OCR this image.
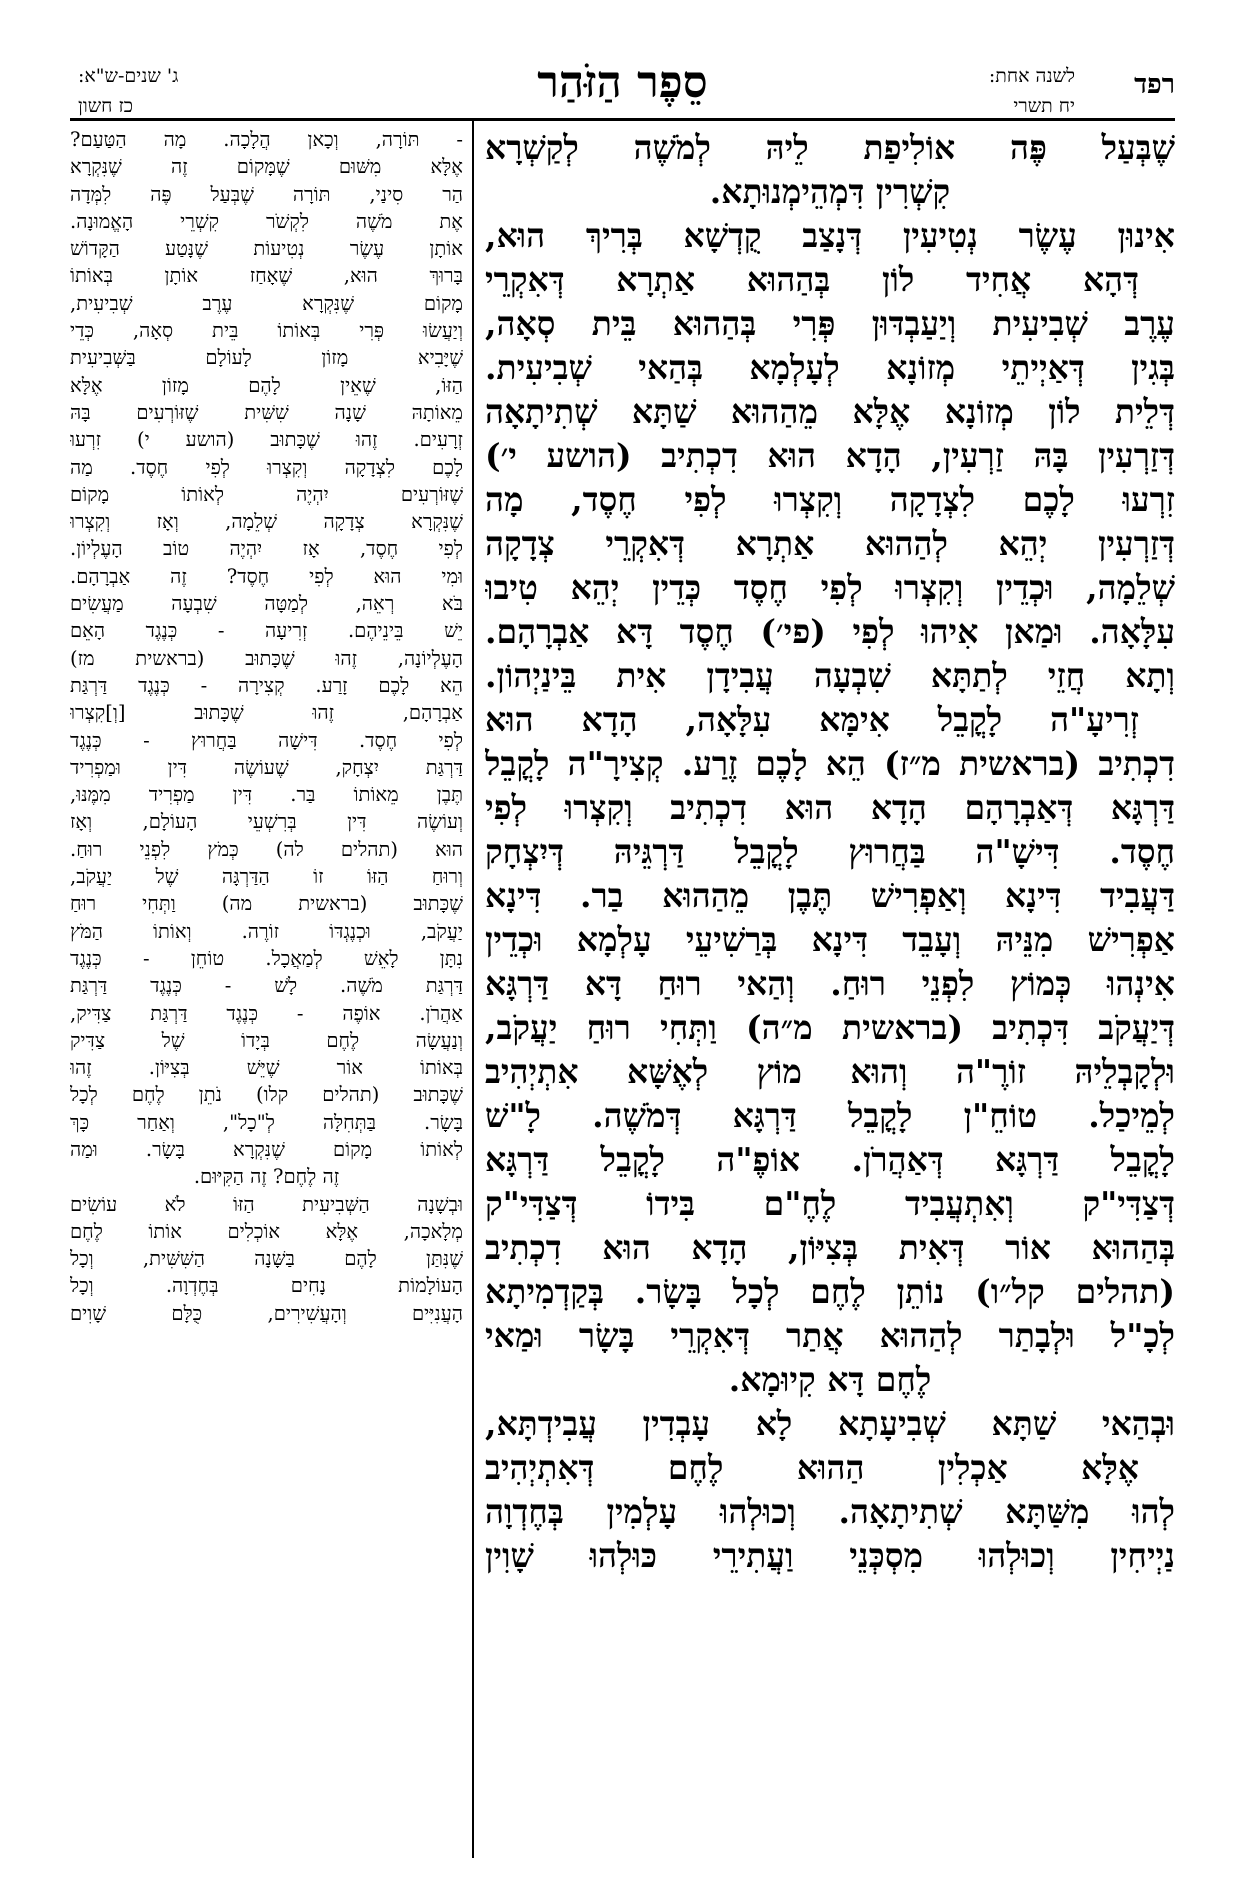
רפד
לשנה אחת:
יח תשרי
סֵפֶר הַזֹּהַר
ג' שנים-ש"א:
כז חשון
שֶׁבְּעַל פֶּה אוֹלִיפַת לֵיהּ לְמֹשֶׁה לְקַשְׁרָא
קִשְׁרִין דִּמְהֵימְנוּתָא.
אִינוּן עֶשֶׂר נְטִיעִין דְּנָצַב קֻדְשָׁא בְּרִיךְ הוּא,
דְּהָא אֲחִיד לוֹן בְּהַהוּא אַתְרָא דְּאִקְרֵי
עֶרֶב שְׁבִיעִית וְיַעַבְדּוּן פְּרִי בְּהַהוּא בֵּית סְאָה,
בְּגִין דְּאַיְיתֵי מְזוֹנָא לְעָלְמָא בְּהַאי שְׁבִיעִית.
דְּלֵית לוֹן מְזוֹנָא אֶלָּא מֵהַהוּא שַׁתָּא שְׁתִיתָאָה
דְּזַרְעִין בָּהּ זַרְעִין, הָדָא הוּא דִכְתִיב (הושע י׳)
זִרְעוּ לָכֶם לִצְדָקָה וְקִצְרוּ לְפִי חֶסֶד, מָה
דְּזַרְעִין יְהֵא לְהַהוּא אַתְרָא דְּאִקְרֵי צְדָקָה
שְׁלֵמָה, וּכְדֵין וְקִצְרוּ לְפִי חֶסֶד כְּדֵין יְהֵא טִיבוּ
עִלָּאָה. וּמַאן אִיהוּ לְפִי (פי׳) חֶסֶד דָּא אַבְרָהָם.
וְתָא חֲזֵי לְתַתָּא שִׁבְעָה עֲבִידָן אִית בֵּינַיְהוֹן.
זְרִיעָ"ה לָקֳבֵל אִימָּא עִלָּאָה, הָדָא הוּא
דִכְתִיב (בראשית מ״ז) הֵא לָכֶם זֶרַע. קְצִירָ"ה לָקֳבֵל
דַּרְגָּא דְּאַבְרָהָם הָדָא הוּא דִכְתִיב וְקִצְרוּ לְפִי
חֶסֶד. דִּישָׁ"ה בַּחֲרוּץ לָקֳבֵל דַּרְגֵּיהּ דְּיִצְחָק
דַּעֲבִיד דִּינָא וְאַפְרִישׁ תֶּבֶן מֵהַהוּא בַר. דִּינָא
אַפְרִישׁ מִנֵּיהּ וְעָבֵד דִּינָא בְּרַשִׁיעֵי עָלְמָא וּכְדֵין
אִינְהוּ כְּמוֹץ לִפְנֵי רוּחַ. וְהַאי רוּחַ דָּא דַּרְגָּא
דְּיַעֲקֹב דִּכְתִיב (בראשית מ״ה) וַתְּחִי רוּחַ יַעֲקֹב,
וּלְקָבְלֵיהּ זוֹרֶ"ה וְהוּא מוֹץ לְאֶשָּׁא אִתְיְהִיב
לְמֵיכַל. טוֹחֵ"ן לָקֳבֵל דַּרְגָּא דְּמֹשֶׁה. לָ"שׁ
לָקֳבֵל דַּרְגָּא דְּאַהֲרֹן. אוֹפֶ"ה לָקֳבֵל דַּרְגָּא
דְּצַדִּי"ק וְאִתְעֲבִיד לֶחֶ"ם בִּידוֹ דְּצַדִּי"ק
בְּהַהוּא אוֹר דְּאִית בְּצִיּוֹן, הָדָא הוּא דִכְתִיב
(תהלים קל״ו) נוֹתֵן לֶחֶם לְכָל בָּשָׂר. בְּקַדְמִיתָא
לְכָ"ל וּלְבָתַר לְהַהוּא אֲתַר דְּאִקְרֵי בָּשָׂר וּמַאי
לֶחֶם דָּא קִיוּמָא.
וּבְהַאי שַׁתָּא שְׁבִיעָתָא לָא עָבְדִין עֲבִידְתָּא,
אֶלָּא אַכְלִין הַהוּא לֶחֶם דְּאִתְיְהִיב
לְהוּ מִשַּׁתָּא שְׁתִיתָאָה. וְכוּלְהוּ עָלְמִין בְּחֶדְוָה
נַיְיחִין וְכוּלְהוּ מִסְכְּנֵי וַעֲתִירֵי כּוּלְהוּ שָׁוִין
- תּוֹרָה, וְכָאן הֲלָכָה. מָה הַטַּעַם?
אֶלָּא מִשּׁוּם שֶׁמָּקוֹם זֶה שֶׁנִּקְרָא
הַר סִינַי, תּוֹרָה שֶׁבְּעַל פֶּה לִמְּדָה
אֶת מֹשֶׁה לִקְשֹׁר קִשְׁרֵי הָאֱמוּנָה.
אוֹתָן עֶשֶׂר נְטִיעוֹת שֶׁנָּטַע הַקָּדוֹשׁ
בָּרוּךְ הוּא, שֶׁאָחַז אוֹתָן בְּאוֹתוֹ
מָקוֹם שֶׁנִּקְרָא עֶרֶב שְׁבִיעִית,
וְיַעֲשׂוּ פְּרִי בְּאוֹתוֹ בֵּית סְאָה, כְּדֵי
שֶׁיָּבִיא מָזוֹן לָעוֹלָם בַּשְּׁבִיעִית
הַזּוֹ, שֶׁאֵין לָהֶם מָזוֹן אֶלָּא
מֵאוֹתָהּ שָׁנָה שִׁשִּׁית שֶׁזּוֹרְעִים בָּהּ
זְרָעִים. זֶהוּ שֶׁכָּתוּב (הושע י) זִרְעוּ
לָכֶם לִצְדָקָה וְקִצְרוּ לְפִי חֶסֶד. מַה
שֶׁזּוֹרְעִים יִהְיֶה לְאוֹתוֹ מָקוֹם
שֶׁנִּקְרָא צְדָקָה שְׁלֵמָה, וְאָז וְקִצְרוּ
לְפִי חֶסֶד, אָז יִהְיֶה טוֹב הָעֶלְיוֹן.
וּמִי הוּא לְפִי חֶסֶד? זֶה אַבְרָהָם.
בֹּא רְאֵה, לְמַטָּה שִׁבְעָה מַעֲשִׂים
יֵשׁ בֵּינֵיהֶם. זְרִיעָה - כְּנֶגֶד הָאֵם
הָעֶלְיוֹנָה, זֶהוּ שֶׁכָּתוּב (בראשית מז)
הֵא לָכֶם זָרַע. קְצִירָה - כְּנֶגֶד דַּרְגַּת
אַבְרָהָם, זֶהוּ שֶׁכָּתוּב [וְ]קִצְרוּ
לְפִי חֶסֶד. דִּישָׁה בַּחֲרוּץ - כְּנֶגֶד
דַּרְגַּת יִצְחָק, שֶׁעוֹשֶׂה דִּין וּמַפְרִיד
תֶּבֶן מֵאוֹתוֹ בַּר. דִּין מַפְרִיד מִמֶּנּוּ,
וְעוֹשֶׂה דִּין בְּרִשְׁעֵי הָעוֹלָם, וְאָז
הוּא (תהלים לה) כְּמֹץ לִפְנֵי רוּחַ.
וְרוּחַ הַזּוֹ זוֹ הַדַּרְגָּה שֶׁל יַעֲקֹב,
שֶׁכָּתוּב (בראשית מה) וַתְּחִי רוּחַ
יַעֲקֹב, וּכְנֶגְדּוֹ זוֹרֶה. וְאוֹתוֹ הַמֹּץ
נִתָּן לָאֵשׁ לְמַאֲכָל. טוֹחֵן - כְּנֶגֶד
דַּרְגַּת מֹשֶׁה. לָשׁ - כְּנֶגֶד דַּרְגַּת
אַהֲרֹן. אוֹפֶה - כְּנֶגֶד דַּרְגַּת צַדִּיק,
וְנַעֲשָׂה לֶחֶם בְּיָדוֹ שֶׁל צַדִּיק
בְּאוֹתוֹ אוֹר שֶׁיֵּשׁ בְּצִיּוֹן. זֶהוּ
שֶׁכָּתוּב (תהלים קלו) נֹתֵן לֶחֶם לְכָל
בָּשָׂר. בַּתְּחִלָּה לְ"כָל", וְאַחַר כָּךְ
לְאוֹתוֹ מָקוֹם שֶׁנִּקְרָא בָּשָׂר. וּמַה
זֶה לֶחֶם? זֶה הַקִּיּוּם.
וּבְשָׁנָה הַשְּׁבִיעִית הַזּוֹ לֹא עוֹשִׂים
מְלָאכָה, אֶלָּא אוֹכְלִים אוֹתוֹ לֶחֶם
שֶׁנִּתַּן לָהֶם בַּשָּׁנָה הַשִּׁשִּׁית, וְכָל
הָעוֹלָמוֹת נָחִים בְּחֶדְוָה. וְכָל
הָעֲנִיִּים וְהָעֲשִׁירִים, כֻּלָּם שָׁוִים
